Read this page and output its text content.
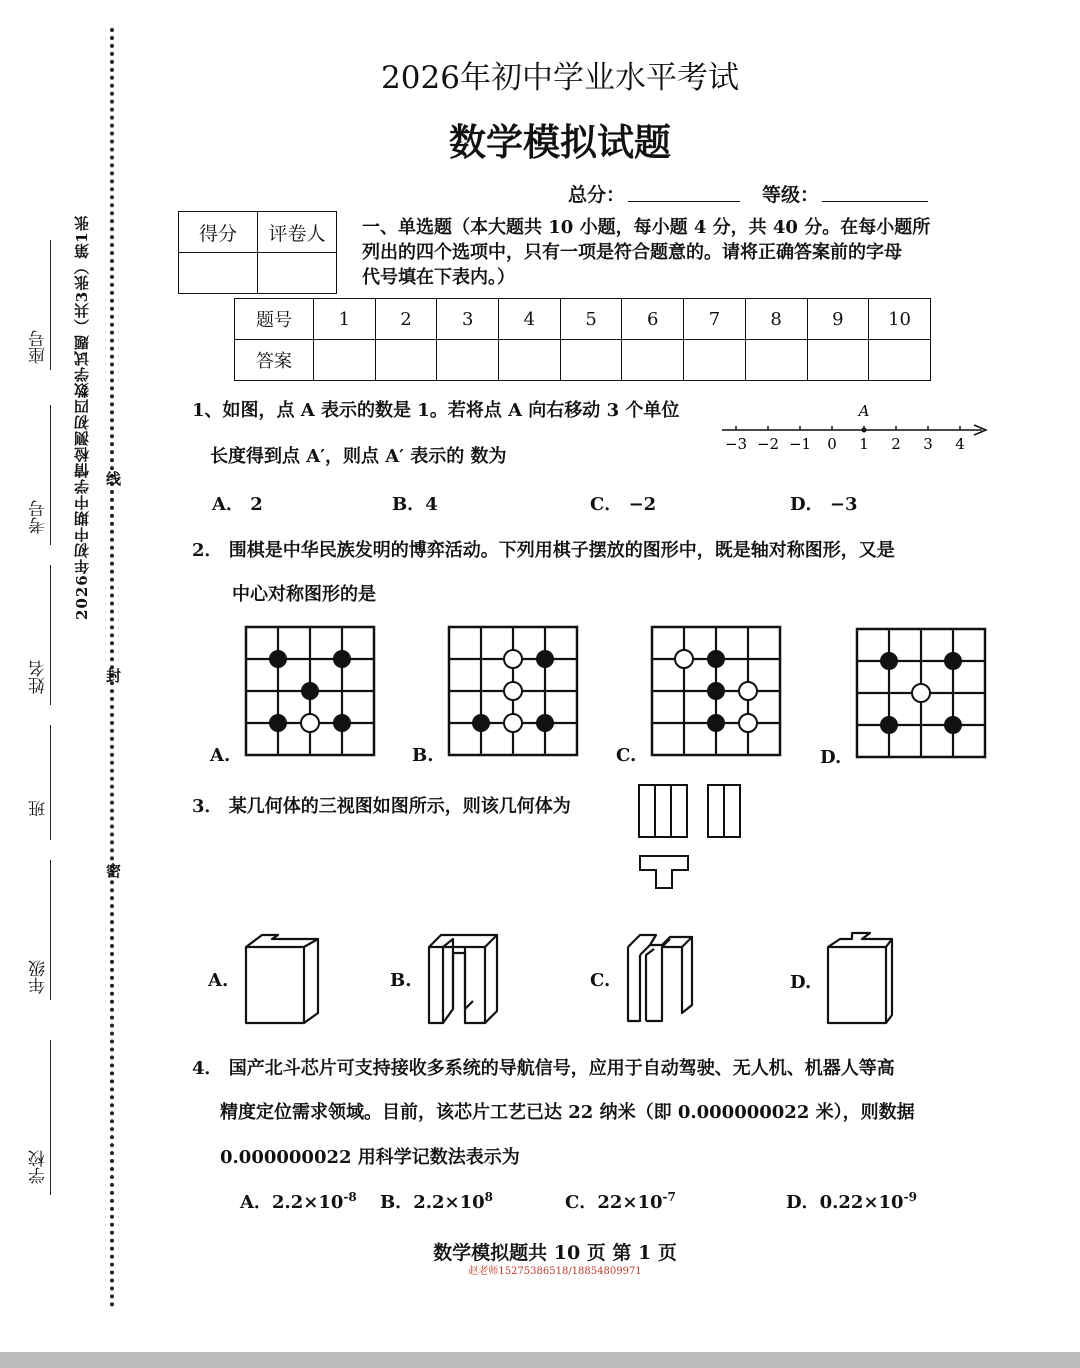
2026年初中期中学情检测初四数学试题（共3张）第1张
座号
考号
姓名
班
年级
学校
线
封
密
2026年初中学业水平考试
数学模拟试题
总分：	等级：
得分	评卷人
	一、单选题（本大题共 10 小题，每小题 4 分，共 40 分。在每小题所
列出的四个选项中，只有一项是符合题意的。请将正确答案前的字母
代号填在下表内。）
题号	1	2	3	4	5	6	7	8	9	10
答案										
1、如图，点 A 表示的数是 1。若将点 A 向右移动 3 个单位
长度得到点 A′，则点 A′ 表示的 数为
−3 −2 −1 0 1 2 3 4
A
A． 2	B．4	C． −2	D． −3
2． 围棋是中华民族发明的博弈活动。下列用棋子摆放的图形中，既是轴对称图形，又是
中心对称图形的是
A.	B.	C.	D.
3． 某几何体的三视图如图所示，则该几何体为
A.	B.	C.	D.
4． 国产北斗芯片可支持接收多系统的导航信号，应用于自动驾驶、无人机、机器人等高
精度定位需求领域。目前，该芯片工艺已达 22 纳米（即 0.000000022 米），则数据
0.000000022 用科学记数法表示为
A．$2.2\times 10^{-8}$ B．$2.2\times 10^8$	C．$22\times 10^{-7}$	D．$0.22\times 10^{-9}$
数学模拟题共 10 页 第 1 页
赵老师15275386518/18854809971
